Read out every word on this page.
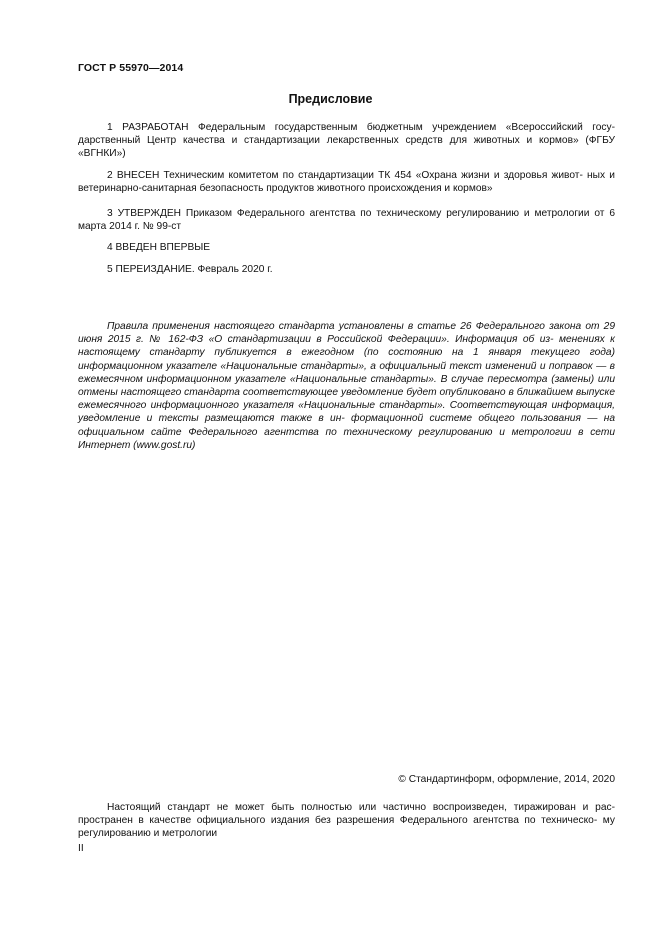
ГОСТ Р 55970—2014
Предисловие

1 РАЗРАБОТАН Федеральным государственным бюджетным учреждением «Всероссийский госу- дарственный Центр качества и стандартизации лекарственных средств для животных и кормов» (ФГБУ «ВГНКИ»)

2 ВНЕСЕН Техническим комитетом по стандартизации ТК 454 «Охрана жизни и здоровья живот- ных и ветеринарно-санитарная безопасность продуктов животного происхождения и кормов»

3 УТВЕРЖДЕН Приказом Федерального агентства по техническому регулированию и метрологии от 6 марта 2014 г. № 99-ст

4 ВВЕДЕН ВПЕРВЫЕ

5 ПЕРЕИЗДАНИЕ. Февраль 2020 г.

Правила применения настоящего стандарта установлены в статье 26 Федерального закона от 29 июня 2015 г. № 162-ФЗ «О стандартизации в Российской Федерации». Информация об из- менениях к настоящему стандарту публикуется в ежегодном (по состоянию на 1 января текущего года) информационном указателе «Национальные стандарты», а официальный текст изменений и поправок — в ежемесячном информационном указателе «Национальные стандарты». В случае пересмотра (замены) или отмены настоящего стандарта соответствующее уведомление будет опубликовано в ближайшем выпуске ежемесячного информационного указателя «Национальные стандарты». Соответствующая информация, уведомление и тексты размещаются также в ин- формационной системе общего пользования — на официальном сайте Федерального агентства по техническому регулированию и метрологии в сети Интернет (www.gost.ru)

© Стандартинформ, оформление, 2014, 2020

Настоящий стандарт не может быть полностью или частично воспроизведен, тиражирован и рас- пространен в качестве официального издания без разрешения Федерального агентства по техническо- му регулированию и метрологии

II
